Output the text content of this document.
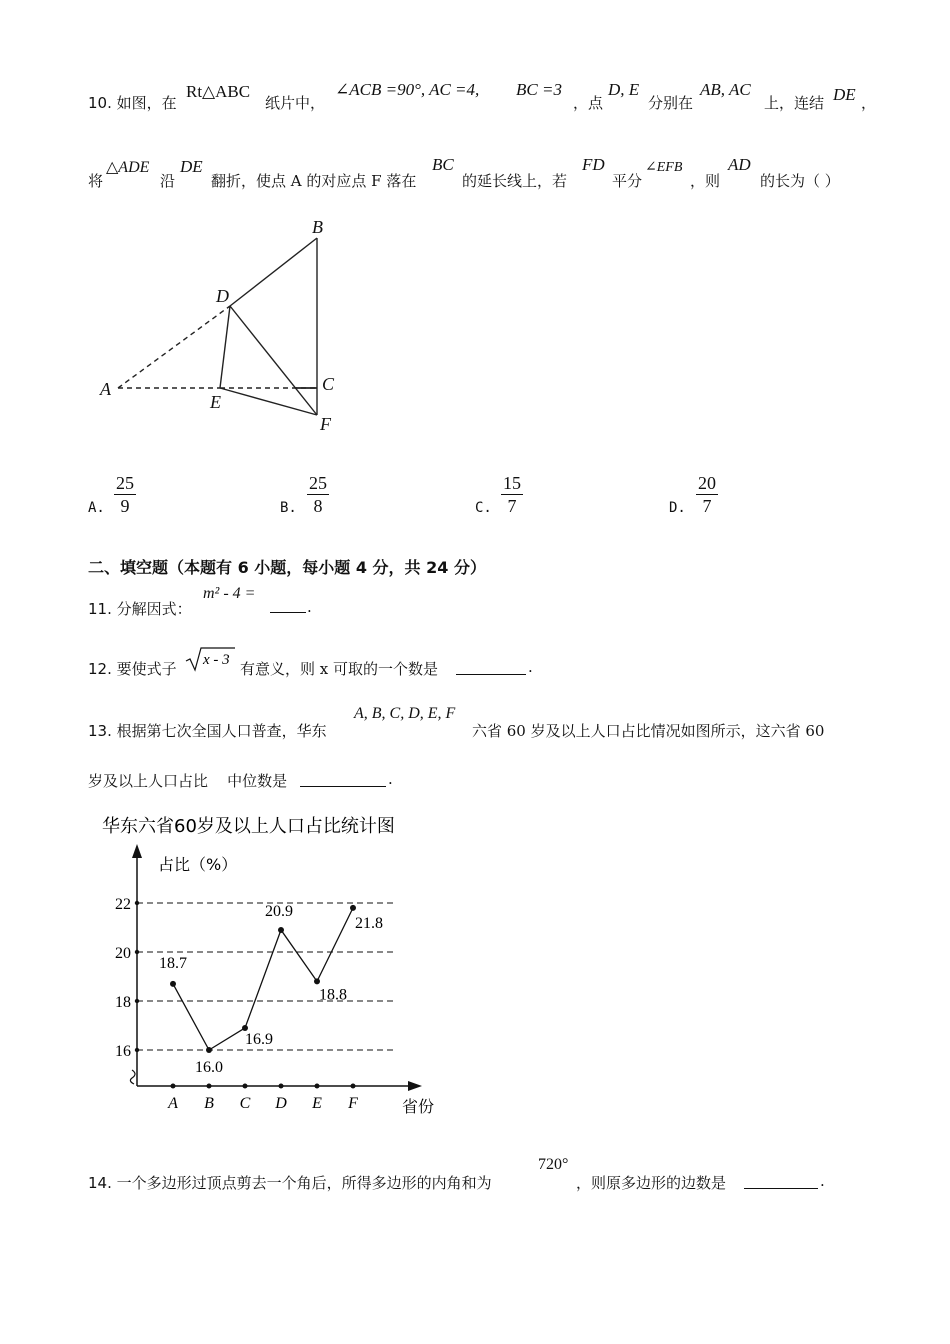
10. 如图，在
Rt△ABC
纸片中，
∠ACB =90°, AC =4, BC =3
，点
D, E
分别在
AB, AC
上，连结 DE ，
将
△ADE
沿
DE
翻折，使点 A 的对应点 F 落在
BC
的延长线上，若
FD
平分
∠EFB
，则
AD
的长为（ ）
A
B
C
D
E
F
A. $\frac{25}{9}$	B. $\frac{25}{8}$	C. $\frac{15}{7}$	D. $\frac{20}{7}$
二、填空题（本题有 6 小题，每小题 4 分，共 24 分）
11. 分解因式：
m² - 4 =
.
12. 要使式子 x - 3 有意义，则 x 可取的一个数是	.
13. 根据第七次全国人口普查，华东
A, B, C, D, E, F
六省 60 岁及以上人口占比情况如图所示，这六省 60
岁及以上人口占比    中位数是	.
华东六省60岁及以上人口占比统计图
占比（%）
省份
16
18
20
22
A B C D E F
18.7
16.0
16.9
20.9
18.8
21.8
14. 一个多边形过顶点剪去一个角后，所得多边形的内角和为
720°
，则原多边形的边数是	.
